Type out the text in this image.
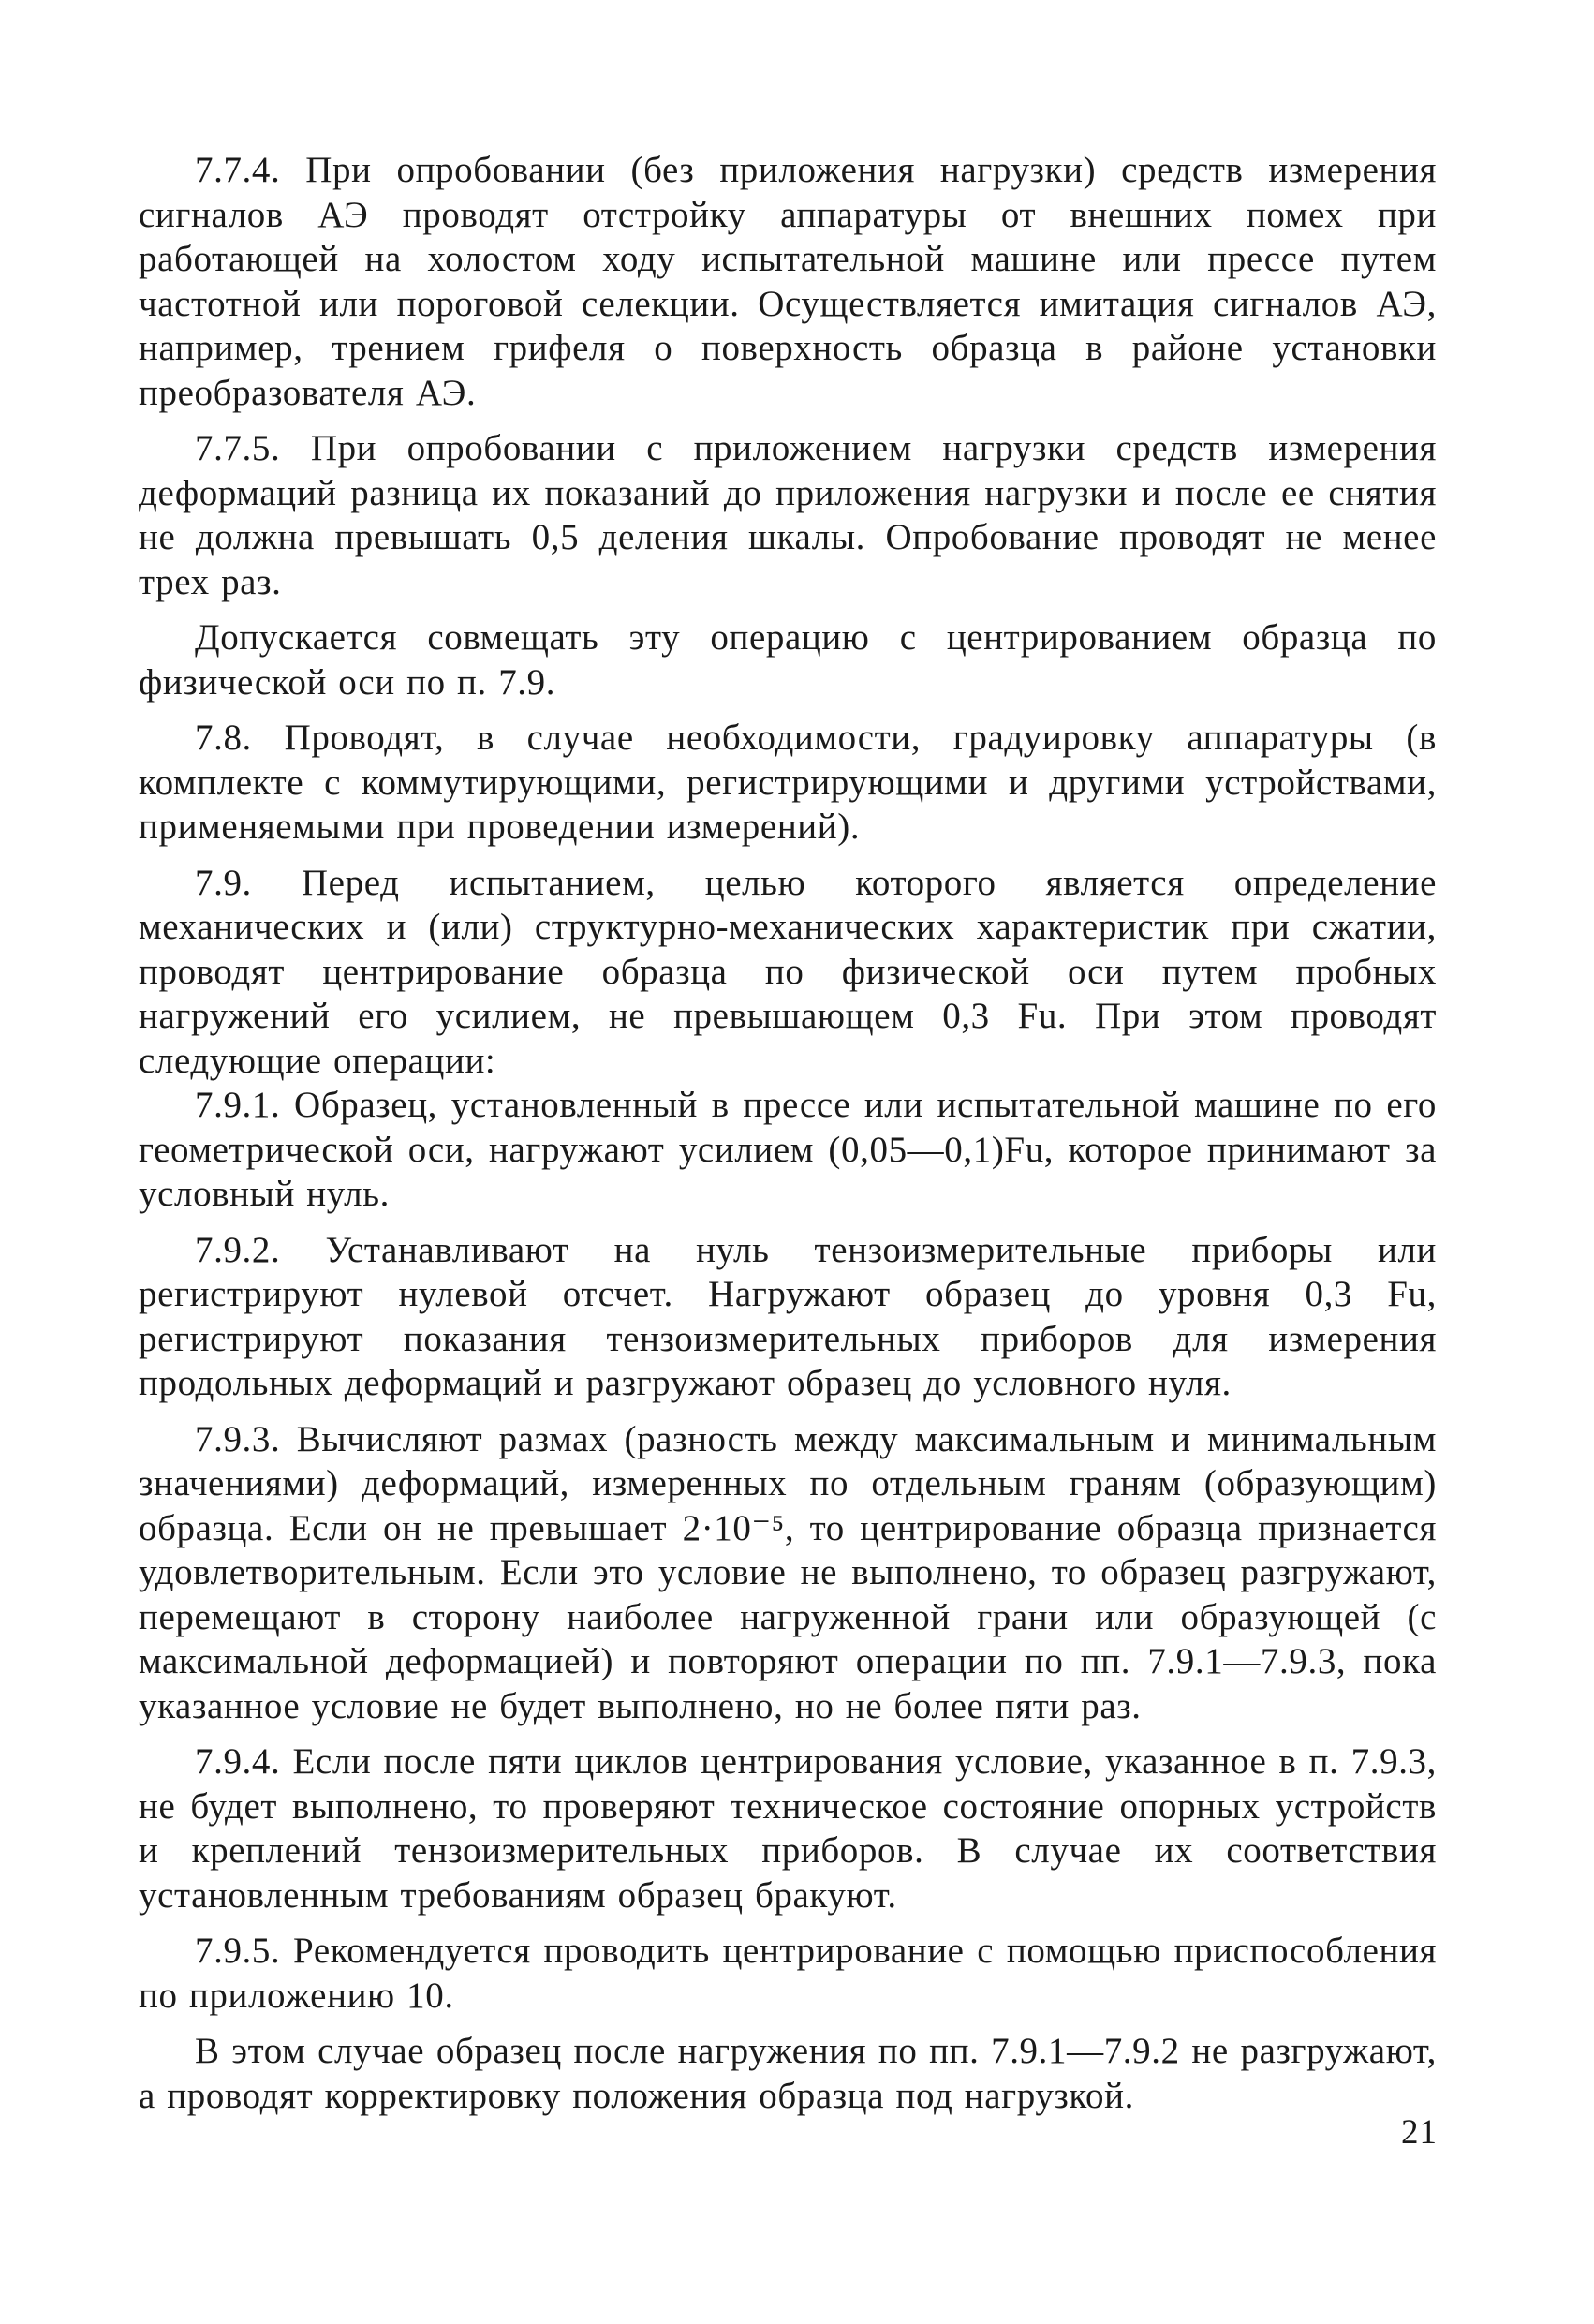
7.7.4. При опробовании (без приложения нагрузки) средств измерения сигналов АЭ проводят отстройку аппаратуры от внешних помех при работающей на холостом ходу испытательной машине или прессе путем частотной или пороговой селекции. Осуществляется имитация сигналов АЭ, например, трением грифеля о поверхность образца в районе установки преобразователя АЭ.

7.7.5. При опробовании с приложением нагрузки средств измерения деформаций разница их показаний до приложения нагрузки и после ее снятия не должна превышать 0,5 деления шкалы. Опробование проводят не менее трех раз.

Допускается совмещать эту операцию с центрированием образца по физической оси по п. 7.9.

7.8. Проводят, в случае необходимости, градуировку аппаратуры (в комплекте с коммутирующими, регистрирующими и другими устройствами, применяемыми при проведении измерений).

7.9. Перед испытанием, целью которого является определение механических и (или) структурно-механических характеристик при сжатии, проводят центрирование образца по физической оси путем пробных нагружений его усилием, не превышающем 0,3 Fu. При этом проводят следующие операции:

7.9.1. Образец, установленный в прессе или испытательной машине по его геометрической оси, нагружают усилием (0,05—0,1)Fu, которое принимают за условный нуль.

7.9.2. Устанавливают на нуль тензоизмерительные приборы или регистрируют нулевой отсчет. Нагружают образец до уровня 0,3 Fu, регистрируют показания тензоизмерительных приборов для измерения продольных деформаций и разгружают образец до условного нуля.

7.9.3. Вычисляют размах (разность между максимальным и минимальным значениями) деформаций, измеренных по отдельным граням (образующим) образца. Если он не превышает 2·10⁻⁵, то центрирование образца признается удовлетворительным. Если это условие не выполнено, то образец разгружают, перемещают в сторону наиболее нагруженной грани или образующей (с максимальной деформацией) и повторяют операции по пп. 7.9.1—7.9.3, пока указанное условие не будет выполнено, но не более пяти раз.

7.9.4. Если после пяти циклов центрирования условие, указанное в п. 7.9.3, не будет выполнено, то проверяют техническое состояние опорных устройств и креплений тензоизмерительных приборов. В случае их соответствия установленным требованиям образец бракуют.

7.9.5. Рекомендуется проводить центрирование с помощью приспособления по приложению 10.

В этом случае образец после нагружения по пп. 7.9.1—7.9.2 не разгружают, а проводят корректировку положения образца под нагрузкой.

21
